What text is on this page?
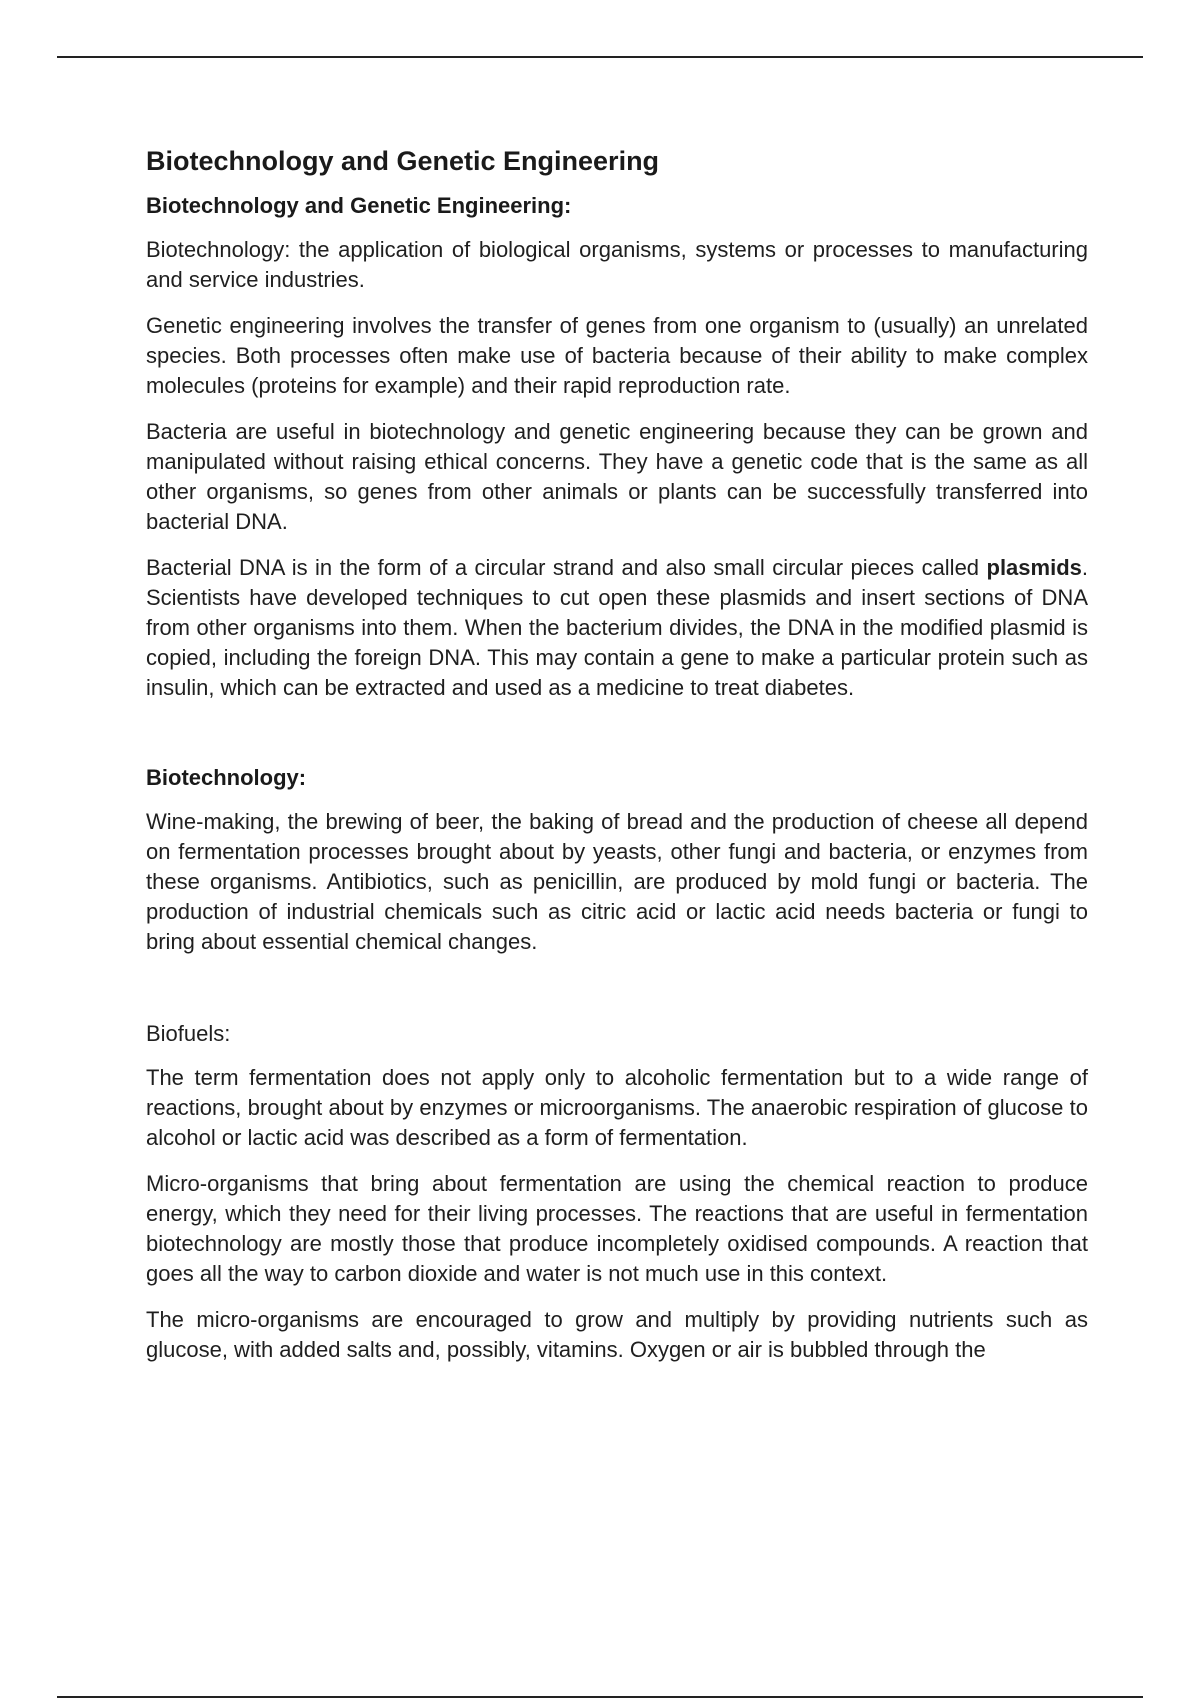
Biotechnology and Genetic Engineering
Biotechnology and Genetic Engineering:

Biotechnology: the application of biological organisms, systems or processes to manufacturing and service industries.

Genetic engineering involves the transfer of genes from one organism to (usually) an unrelated species. Both processes often make use of bacteria because of their ability to make complex molecules (proteins for example) and their rapid reproduction rate.

Bacteria are useful in biotechnology and genetic engineering because they can be grown and manipulated without raising ethical concerns. They have a genetic code that is the same as all other organisms, so genes from other animals or plants can be successfully transferred into bacterial DNA.

Bacterial DNA is in the form of a circular strand and also small circular pieces called plasmids. Scientists have developed techniques to cut open these plasmids and insert sections of DNA from other organisms into them. When the bacterium divides, the DNA in the modified plasmid is copied, including the foreign DNA. This may contain a gene to make a particular protein such as insulin, which can be extracted and used as a medicine to treat diabetes.

Biotechnology:

Wine-making, the brewing of beer, the baking of bread and the production of cheese all depend on fermentation processes brought about by yeasts, other fungi and bacteria, or enzymes from these organisms. Antibiotics, such as penicillin, are produced by mold fungi or bacteria. The production of industrial chemicals such as citric acid or lactic acid needs bacteria or fungi to bring about essential chemical changes.

Biofuels:

The term fermentation does not apply only to alcoholic fermentation but to a wide range of reactions, brought about by enzymes or microorganisms. The anaerobic respiration of glucose to alcohol or lactic acid was described as a form of fermentation.

Micro-organisms that bring about fermentation are using the chemical reaction to produce energy, which they need for their living processes. The reactions that are useful in fermentation biotechnology are mostly those that produce incompletely oxidised compounds. A reaction that goes all the way to carbon dioxide and water is not much use in this context.

The micro-organisms are encouraged to grow and multiply by providing nutrients such as glucose, with added salts and, possibly, vitamins. Oxygen or air is bubbled through the
